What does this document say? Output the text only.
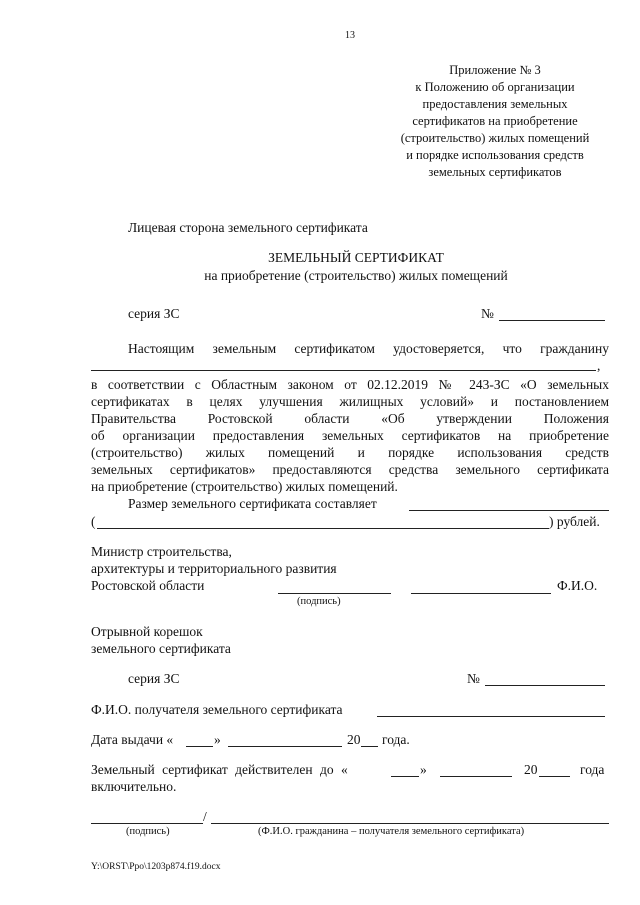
13
Приложение № 3
к Положению об организации
предоставления земельных
сертификатов на приобретение
(строительство) жилых помещений
и порядке использования средств
земельных сертификатов
Лицевая сторона земельного сертификата
ЗЕМЕЛЬНЫЙ СЕРТИФИКАТ
на приобретение (строительство) жилых помещений
серия ЗС	№
Настоящим земельным сертификатом удостоверяется, что гражданину
,
в соответствии с Областным законом от 02.12.2019 № 243-ЗС «О земельных
сертификатах в целях улучшения жилищных условий» и постановлением
Правительства Ростовской области «Об утверждении Положения
об организации предоставления земельных сертификатов на приобретение
(строительство) жилых помещений и порядке использования средств
земельных сертификатов» предоставляются средства земельного сертификата
на приобретение (строительство) жилых помещений.
Размер земельного сертификата составляет
(	) рублей.
Министр строительства,
архитектуры и территориального развития
Ростовской области	Ф.И.О.
(подпись)
Отрывной корешок
земельного сертификата
серия ЗС	№
Ф.И.О. получателя земельного сертификата
Дата выдачи «	»	20 года.
Земельный сертификат действителен до «	»	20	года
включительно.
/
(подпись)	(Ф.И.О. гражданина – получателя земельного сертификата)
Y:\ORST\Ppo\1203p874.f19.docx
